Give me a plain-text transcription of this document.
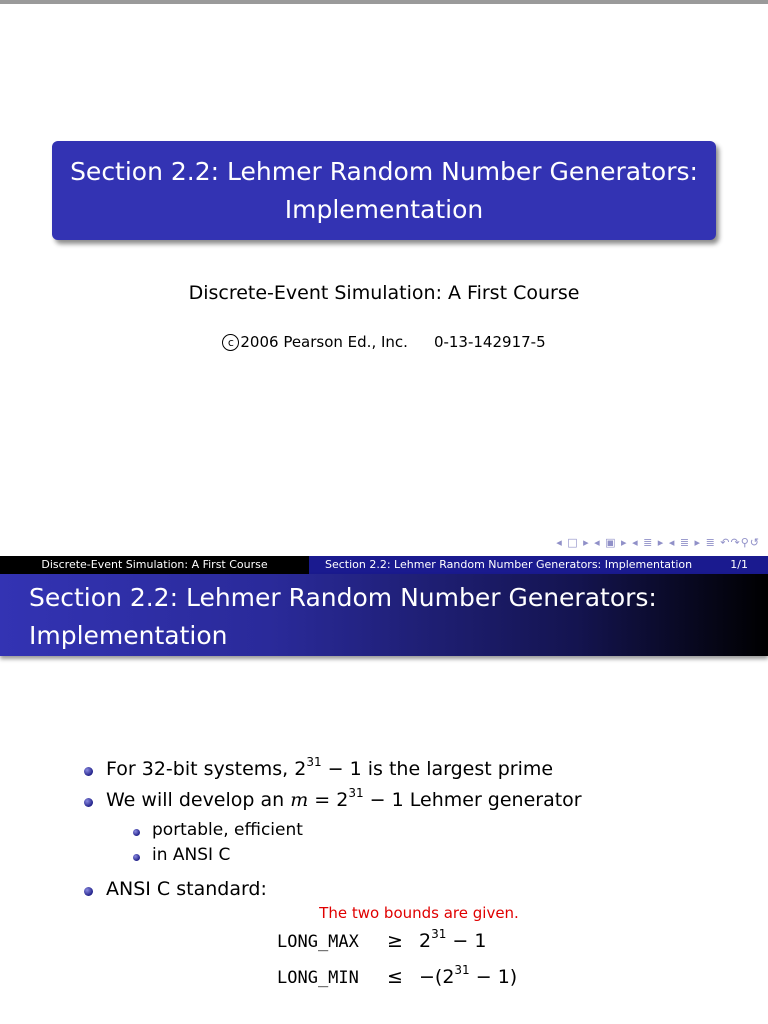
Section 2.2: Lehmer Random Number Generators:
Implementation
Discrete-Event Simulation: A First Course
c 2006 Pearson Ed., Inc. 0-13-142917-5
◂ □ ▸ ◂ ▣ ▸ ◂ ≣ ▸ ◂ ≣ ▸ ≣ ↶↷⚲↺
Discrete-Event Simulation: A First Course	Section 2.2: Lehmer Random Number Generators: Implementation	1/1
Section 2.2: Lehmer Random Number Generators:
Implementation
For 32-bit systems, $2^{31} - 1$ is the largest prime
We will develop an $m = 2^{31} - 1$ Lehmer generator
portable, efficient
in ANSI C
ANSI C standard:
The two bounds are given.
LONG_MAX ≥ $2^{31} - 1$
LONG_MIN ≤ $-(2^{31} - 1)$
